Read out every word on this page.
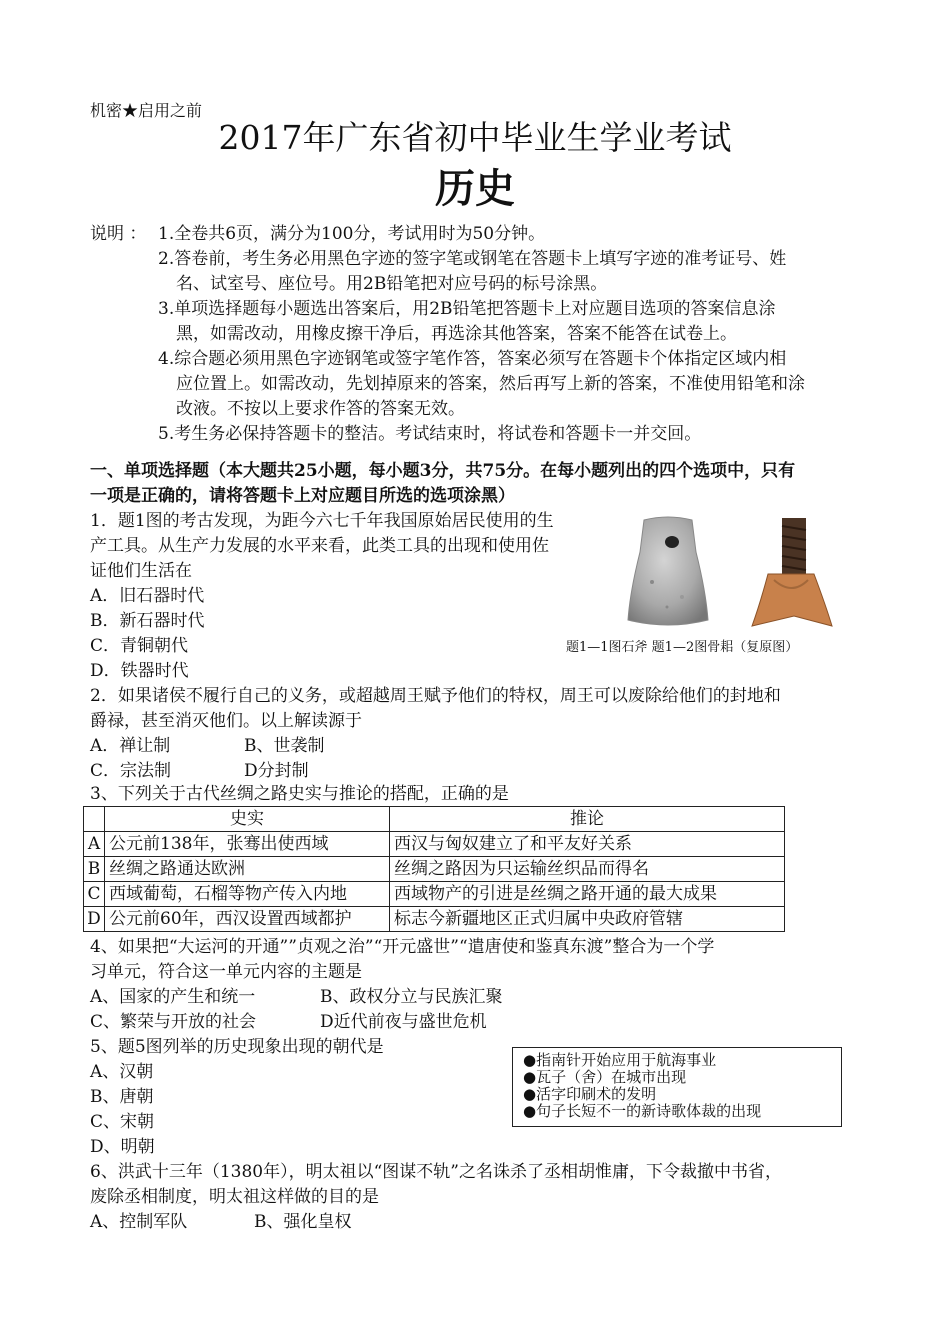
机密★启用之前
2017年广东省初中毕业生学业考试
历史
说明 ： 1.全卷共6页，满分为100分，考试用时为50分钟。
2.答卷前，考生务必用黑色字迹的签字笔或钢笔在答题卡上填写字迹的准考证号、姓
名、试室号、座位号。用2B铅笔把对应号码的标号涂黑。
3.单项选择题每小题选出答案后，用2B铅笔把答题卡上对应题目选项的答案信息涂
黑，如需改动，用橡皮擦干净后，再选涂其他答案，答案不能答在试卷上。
4.综合题必须用黑色字迹钢笔或签字笔作答，答案必须写在答题卡个体指定区域内相
应位置上。如需改动，先划掉原来的答案，然后再写上新的答案，不准使用铅笔和涂
改液。不按以上要求作答的答案无效。
5.考生务必保持答题卡的整洁。考试结束时，将试卷和答题卡一并交回。
一、单项选择题（本大题共25小题，每小题3分，共75分。在每小题列出的四个选项中，只有
一项是正确的，请将答题卡上对应题目所选的选项涂黑）
1．题1图的考古发现，为距今六七千年我国原始居民使用的生
产工具。从生产力发展的水平来看，此类工具的出现和使用佐
证他们生活在
A．旧石器时代
B．新石器时代
C．青铜朝代
D．铁器时代
题1—1图石斧 题1—2图骨耜（复原图）
2．如果诸侯不履行自己的义务，或超越周王赋予他们的特权，周王可以废除给他们的封地和
爵禄，甚至消灭他们。以上解读源于
A．禅让制	B、世袭制
C．宗法制	D分封制
3、下列关于古代丝绸之路史实与推论的搭配，正确的是
	史实	推论
A	公元前138年，张骞出使西域	西汉与匈奴建立了和平友好关系
B	丝绸之路通达欧洲	丝绸之路因为只运输丝织品而得名
C	西域葡萄，石榴等物产传入内地	西域物产的引进是丝绸之路开通的最大成果
D	公元前60年，西汉设置西域都护	标志今新疆地区正式归属中央政府管辖
4、如果把“大运河的开通””贞观之治”“开元盛世”“遣唐使和鉴真东渡”整合为一个学
习单元，符合这一单元内容的主题是
A、国家的产生和统一	B、政权分立与民族汇聚
C、繁荣与开放的社会	D近代前夜与盛世危机
5、题5图列举的历史现象出现的朝代是
A、汉朝
B、唐朝
C、宋朝
D、明朝
●指南针开始应用于航海事业
●瓦子（舍）在城市出现
●活字印刷术的发明
●句子长短不一的新诗歌体裁的出现
6、洪武十三年（1380年），明太祖以“图谋不轨”之名诛杀了丞相胡惟庸，下令裁撤中书省，
废除丞相制度，明太祖这样做的目的是
A、控制军队	B、强化皇权
